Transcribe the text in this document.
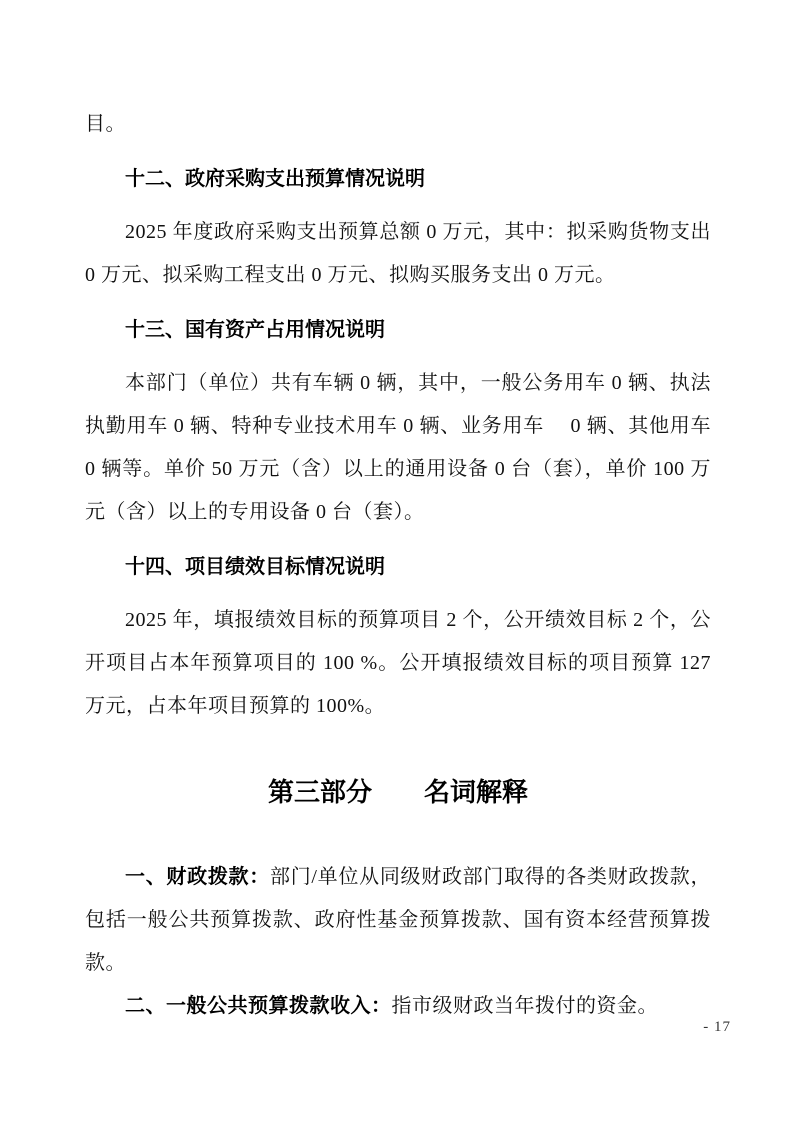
目。

十二、政府采购支出预算情况说明

2025 年度政府采购支出预算总额 0 万元，其中：拟采购货物支出 0 万元、拟采购工程支出 0 万元、拟购买服务支出 0 万元。

十三、国有资产占用情况说明

本部门（单位）共有车辆 0 辆，其中，一般公务用车 0 辆、执法执勤用车 0 辆、特种专业技术用车 0 辆、业务用车　 0 辆、其他用车 0 辆等。单价 50 万元（含）以上的通用设备 0 台（套），单价 100 万元（含）以上的专用设备 0 台（套）。

十四、项目绩效目标情况说明

2025 年，填报绩效目标的预算项目 2 个，公开绩效目标 2 个，公开项目占本年预算项目的 100 %。公开填报绩效目标的项目预算 127 万元，占本年项目预算的 100%。

第三部分　　名词解释

一、财政拨款：部门/单位从同级财政部门取得的各类财政拨款，包括一般公共预算拨款、政府性基金预算拨款、国有资本经营预算拨款。

二、一般公共预算拨款收入：指市级财政当年拨付的资金。

- 17
